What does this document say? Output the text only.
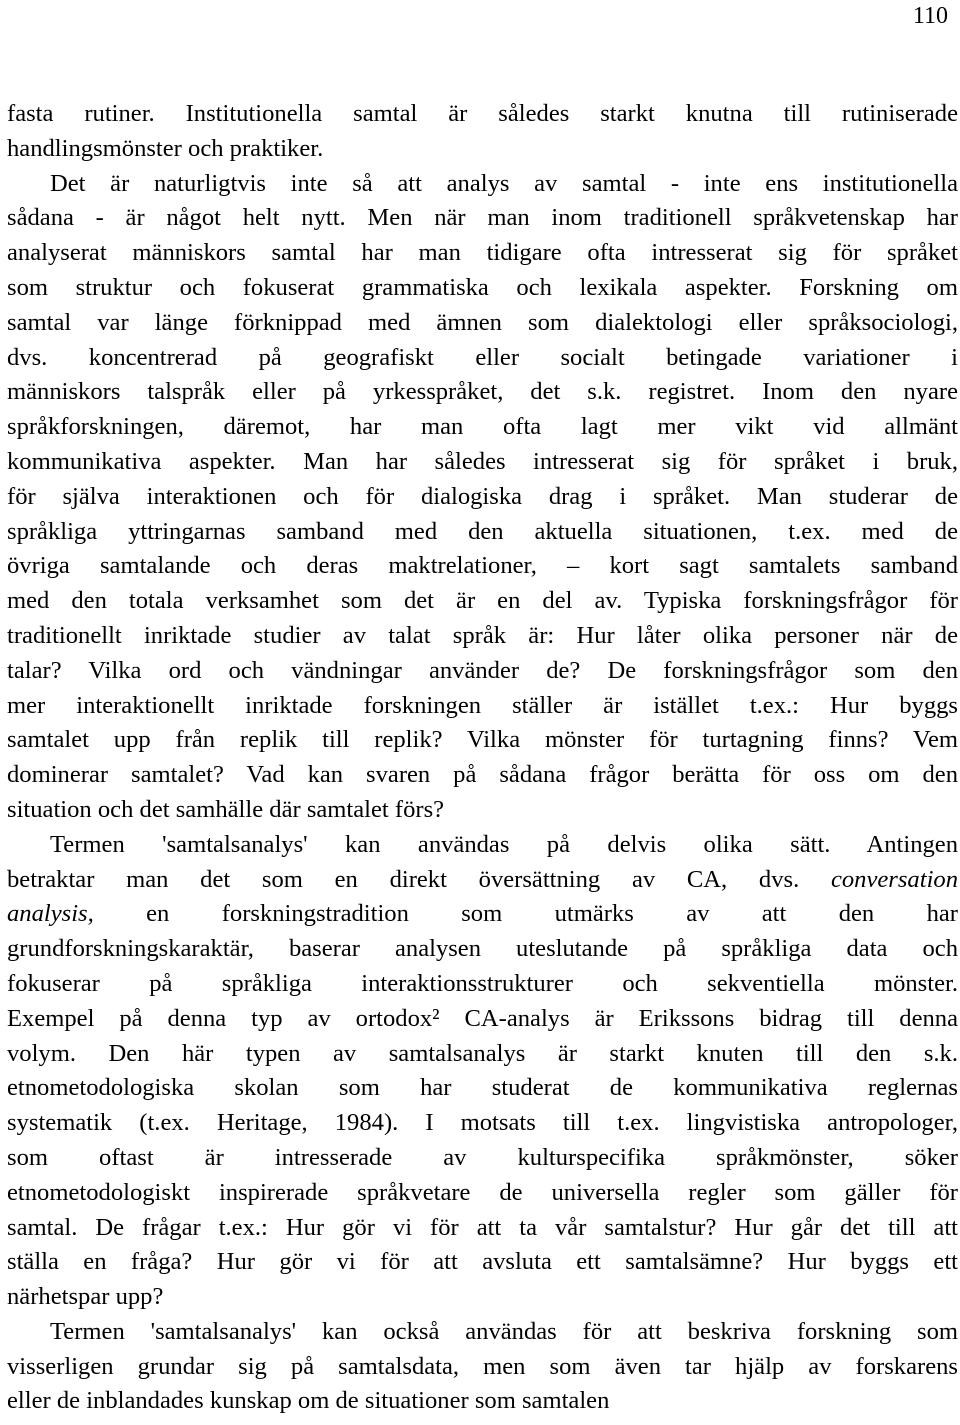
110
fasta rutiner. Institutionella samtal är således starkt knutna till rutiniserade
handlingsmönster och praktiker.
Det är naturligtvis inte så att analys av samtal - inte ens institutionella
sådana - är något helt nytt. Men när man inom traditionell språkvetenskap har
analyserat människors samtal har man tidigare ofta intresserat sig för språket
som struktur och fokuserat grammatiska och lexikala aspekter. Forskning om
samtal var länge förknippad med ämnen som dialektologi eller språksociologi,
dvs. koncentrerad på geografiskt eller socialt betingade variationer i
människors talspråk eller på yrkesspråket, det s.k. registret. Inom den nyare
språkforskningen, däremot, har man ofta lagt mer vikt vid allmänt
kommunikativa aspekter. Man har således intresserat sig för språket i bruk,
för själva interaktionen och för dialogiska drag i språket. Man studerar de
språkliga yttringarnas samband med den aktuella situationen, t.ex. med de
övriga samtalande och deras maktrelationer, – kort sagt samtalets samband
med den totala verksamhet som det är en del av. Typiska forskningsfrågor för
traditionellt inriktade studier av talat språk är: Hur låter olika personer när de
talar? Vilka ord och vändningar använder de? De forskningsfrågor som den
mer interaktionellt inriktade forskningen ställer är istället t.ex.: Hur byggs
samtalet upp från replik till replik? Vilka mönster för turtagning finns? Vem
dominerar samtalet? Vad kan svaren på sådana frågor berätta för oss om den
situation och det samhälle där samtalet förs?
Termen 'samtalsanalys' kan användas på delvis olika sätt. Antingen
betraktar man det som en direkt översättning av CA, dvs. conversation
analysis, en forskningstradition som utmärks av att den har
grundforskningskaraktär, baserar analysen uteslutande på språkliga data och
fokuserar på språkliga interaktionsstrukturer och sekventiella mönster.
Exempel på denna typ av ortodox² CA-analys är Erikssons bidrag till denna
volym. Den här typen av samtalsanalys är starkt knuten till den s.k.
etnometodologiska skolan som har studerat de kommunikativa reglernas
systematik (t.ex. Heritage, 1984). I motsats till t.ex. lingvistiska antropologer,
som oftast är intresserade av kulturspecifika språkmönster, söker
etnometodologiskt inspirerade språkvetare de universella regler som gäller för
samtal. De frågar t.ex.: Hur gör vi för att ta vår samtalstur? Hur går det till att
ställa en fråga? Hur gör vi för att avsluta ett samtalsämne? Hur byggs ett
närhetspar upp?
Termen 'samtalsanalys' kan också användas för att beskriva forskning som
visserligen grundar sig på samtalsdata, men som även tar hjälp av forskarens
eller de inblandades kunskap om de situationer som samtalen
